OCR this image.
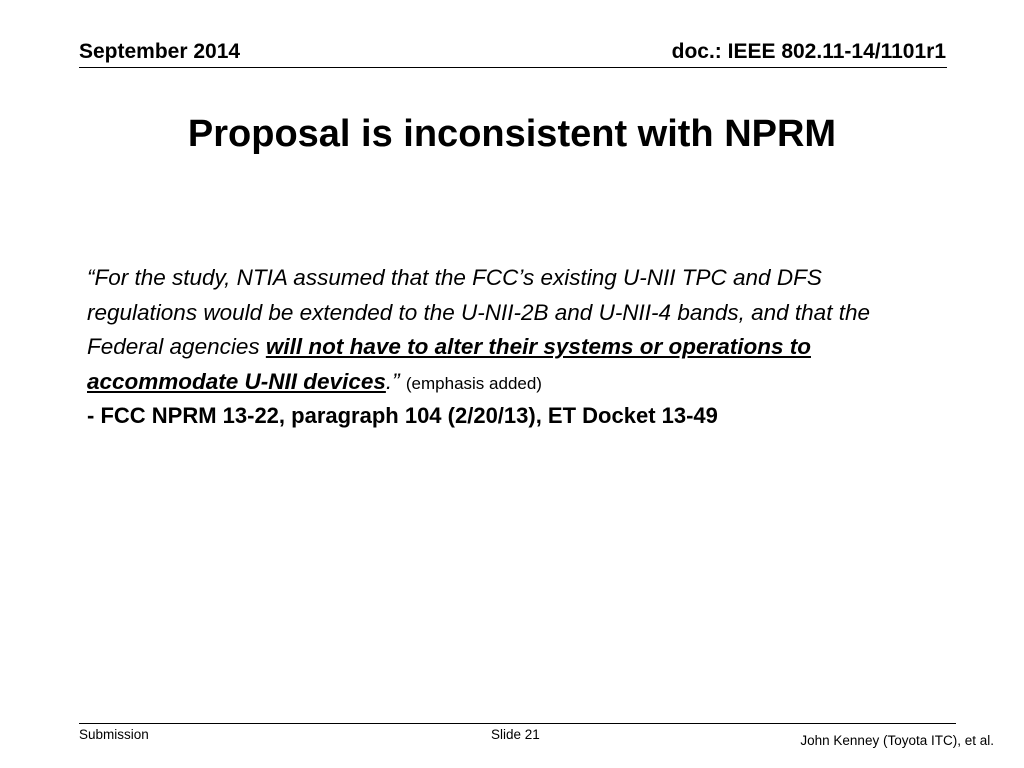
September 2014	doc.: IEEE 802.11-14/1101r1
Proposal is inconsistent with NPRM
“For the study, NTIA assumed that the FCC’s existing U-NII TPC and DFS regulations would be extended to the U-NII-2B and U-NII-4 bands, and that the Federal agencies will not have to alter their systems or operations to accommodate U-NII devices.” (emphasis added)
- FCC NPRM 13-22, paragraph 104 (2/20/13), ET Docket 13-49
Submission	Slide 21	John Kenney (Toyota ITC), et al.
